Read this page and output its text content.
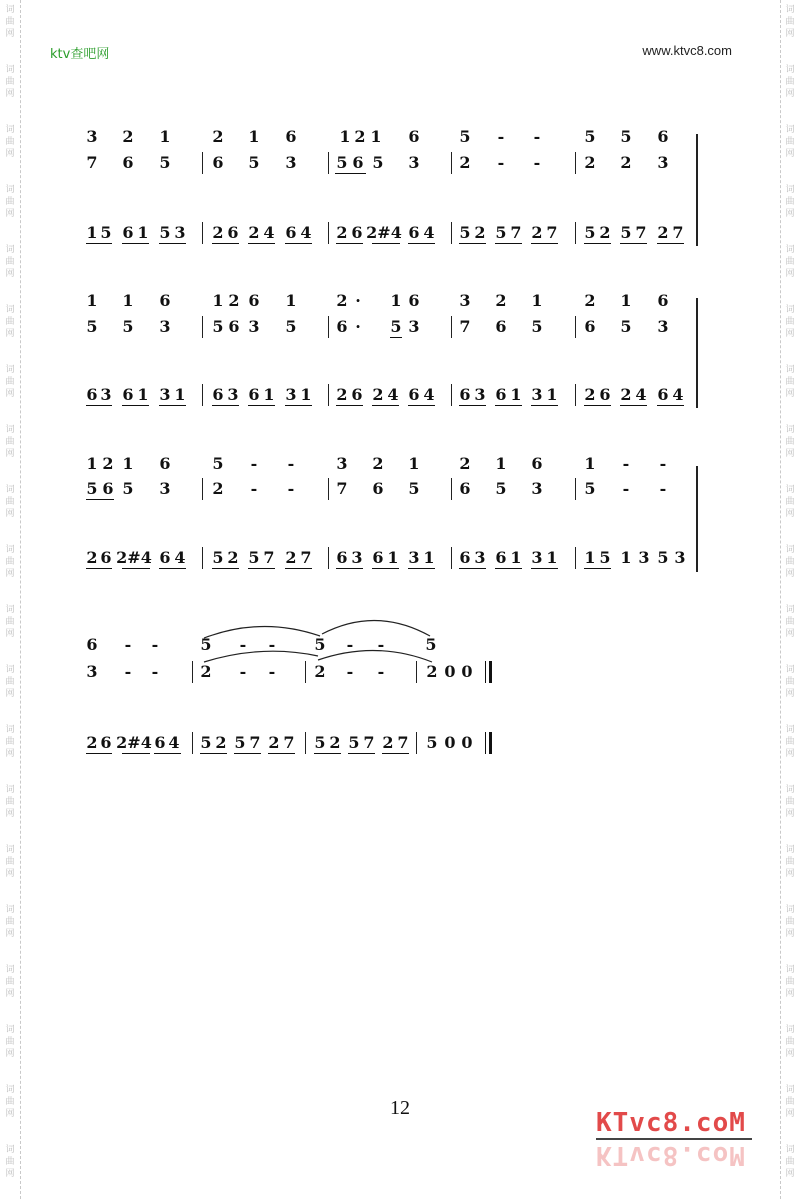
词
曲
网
词
曲
网
词
曲
网
词
曲
网
词
曲
网
词
曲
网
词
曲
网
词
曲
网
词
曲
网
词
曲
网
词
曲
网
词
曲
网
词
曲
网
词
曲
网
词
曲
网
词
曲
网
词
曲
网
词
曲
网
词
曲
网
词
曲
网
词
曲
网
词
曲
网
词
曲
网
词
曲
网
词
曲
网
词
曲
网
词
曲
网
词
曲
网
词
曲
网
词
曲
网
词
曲
网
词
曲
网
词
曲
网
词
曲
网
词
曲
网
词
曲
网
词
曲
网
词
曲
网
词
曲
网
词
曲
网
ktv查吧网	www.ktvc8.com
3 2 1	2 1 6	1 2 1 6 5 - -	5 5 6
7 6 5	6 5 3 5 6 5 3 2 - -	2 2 3
1 5 6 1 5 3 2 6 2 4 6 4 2 6 2#4 6 4 5 2 5 7 2 7 5 2 5 7 2 7
1 1 6	1 2 6 1 2 · 1 6 3 2 1	2 1 6
5 5 3	5 6 3 5 6 · 5 3 7 6 5	6 5 3
6 3 6 1 3 1 6 3 6 1 3 1 2 6 2 4 6 4 6 3 6 1 3 1 2 6 2 4 6 4
1 2 1 6	5 - -	3 2 1 2 1 6	1 - -
5 6 5 3	2 - -	7 6 5 6 5 3	5 - -
2 6 2#4 6 4 5 2 5 7 2 7 6 3 6 1 3 1 6 3 6 1 3 1 1 5 1 3 5 3
6 - -	5 - - 5 - -	5
3 - -	2 - - 2 - -	2 0 0
2 6 2#4 6 4 5 2 5 7 2 7 5 2 5 7 2 7 5 0 0
12	KTvc8.coM
KTvc8.coM
